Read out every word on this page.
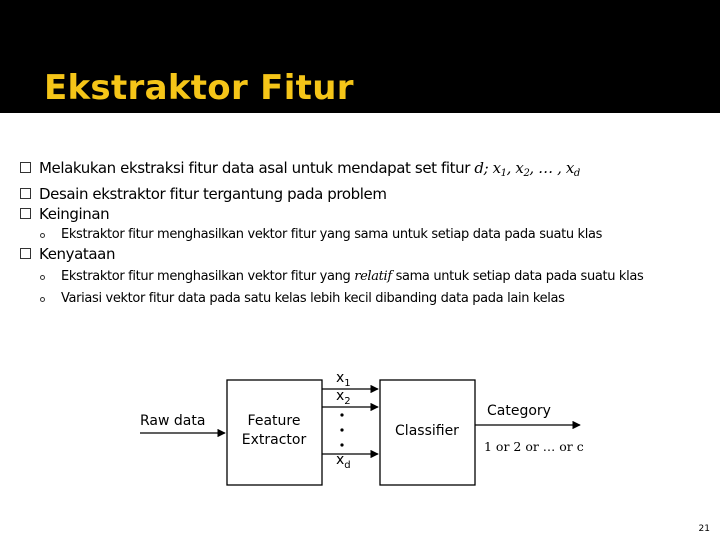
Ekstraktor Fitur
Melakukan ekstraksi fitur data asal untuk mendapat set fitur d; $x_1$, $x_2$, … , $x_d$
Desain ekstraktor fitur tergantung pada problem
Keinginan
Ekstraktor fitur menghasilkan vektor fitur yang sama untuk setiap data pada suatu klas
Kenyataan
Ekstraktor fitur menghasilkan vektor fitur yang relatif sama untuk setiap data pada suatu klas
Variasi vektor fitur data pada satu kelas lebih kecil dibanding data pada lain kelas
Raw data	Feature
Extractor
$x_1$
$x_2$
$x_d$
Classifier
Category
1 or 2 or … or c
21
